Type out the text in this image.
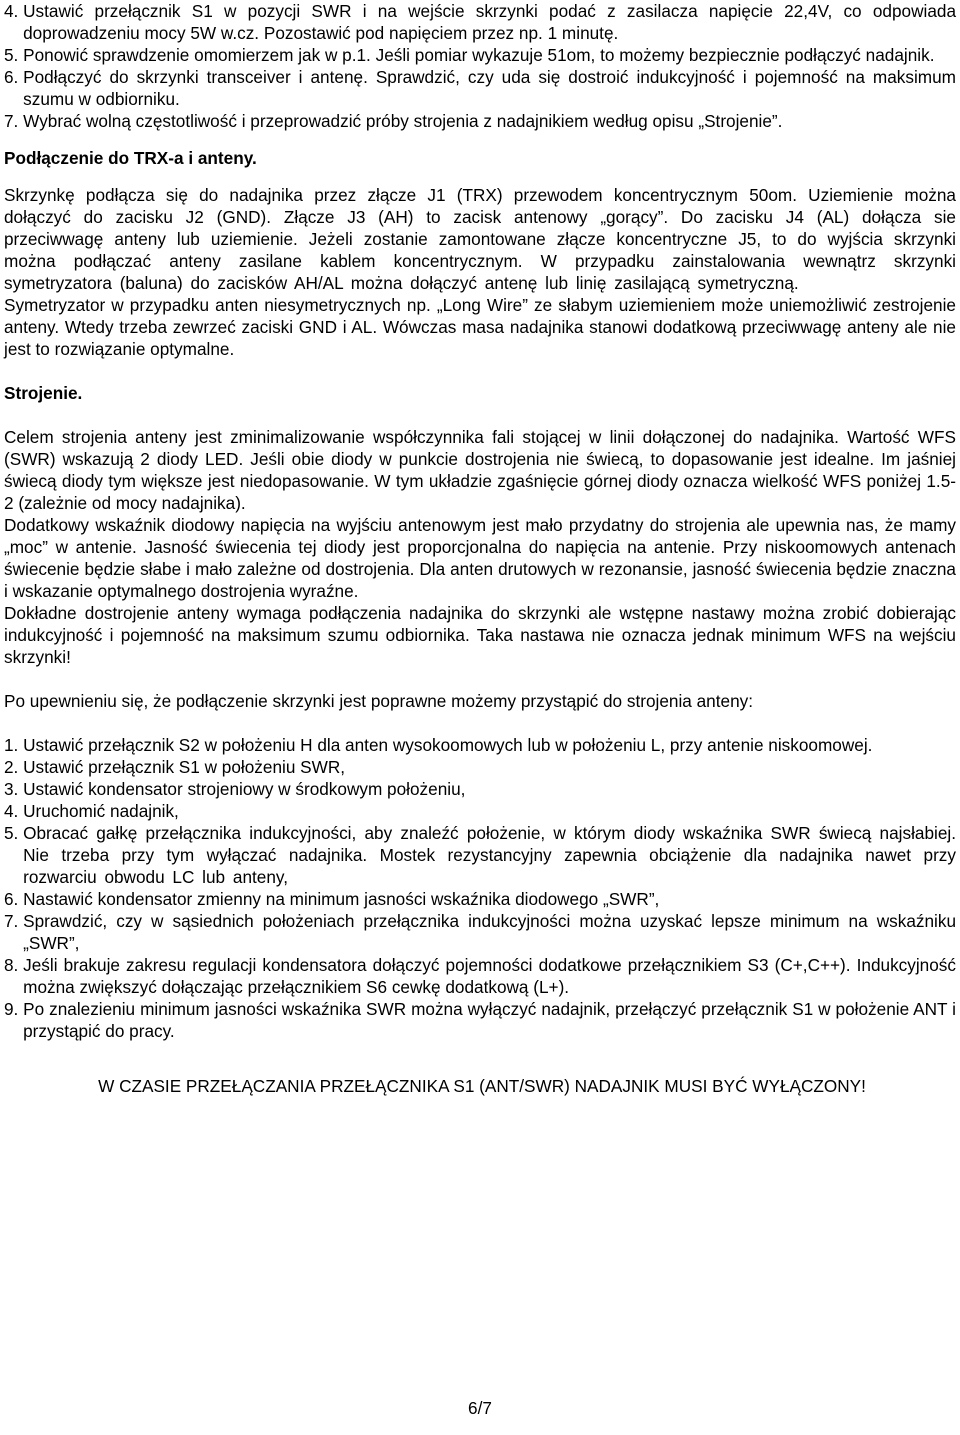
4.
Ustawić przełącznik S1 w pozycji SWR i na wejście skrzynki podać z zasilacza napięcie 22,4V, co odpowiada doprowadzeniu mocy 5W w.cz. Pozostawić pod napięciem przez np. 1 minutę.
5.
Ponowić sprawdzenie omomierzem jak w p.1. Jeśli pomiar wykazuje 51om, to możemy bezpiecznie podłączyć nadajnik.
6.
Podłączyć do skrzynki transceiver i antenę. Sprawdzić, czy uda się dostroić indukcyjność i pojemność na maksimum szumu w odbiorniku.
7.
Wybrać wolną częstotliwość i przeprowadzić próby strojenia z nadajnikiem według opisu „Strojenie”.

Podłączenie do TRX-a i anteny.

Skrzynkę podłącza się do nadajnika przez złącze J1 (TRX) przewodem koncentrycznym 50om. Uziemienie można dołączyć do zacisku J2 (GND). Złącze J3 (AH) to zacisk antenowy „gorący”. Do zacisku J4 (AL) dołącza sie przeciwwagę anteny lub uziemienie. Jeżeli zostanie zamontowane złącze koncentryczne J5, to do wyjścia skrzynki można podłączać anteny zasilane kablem koncentrycznym. W przypadku zainstalowania wewnątrz skrzynki symetryzatora (baluna) do zacisków AH/AL można dołączyć antenę lub linię zasilającą symetryczną.

Symetryzator w przypadku anten niesymetrycznych np. „Long Wire” ze słabym uziemieniem może uniemożliwić zestrojenie anteny. Wtedy trzeba zewrzeć zaciski GND i AL. Wówczas masa nadajnika stanowi dodatkową przeciwwagę anteny ale nie jest to rozwiązanie optymalne.

Strojenie.

Celem strojenia anteny jest zminimalizowanie współczynnika fali stojącej w linii dołączonej do nadajnika. Wartość WFS (SWR) wskazują 2 diody LED. Jeśli obie diody w punkcie dostrojenia nie świecą, to dopasowanie jest idealne. Im jaśniej świecą diody tym większe jest niedopasowanie. W tym układzie zgaśnięcie górnej diody oznacza wielkość WFS poniżej 1.5-2 (zależnie od mocy nadajnika).

Dodatkowy wskaźnik diodowy napięcia na wyjściu antenowym jest mało przydatny do strojenia ale upewnia nas, że mamy „moc” w antenie. Jasność świecenia tej diody jest proporcjonalna do napięcia na antenie. Przy niskoomowych antenach świecenie będzie słabe i mało zależne od dostrojenia. Dla anten drutowych w rezonansie, jasność świecenia będzie znaczna i wskazanie optymalnego dostrojenia wyraźne.

Dokładne dostrojenie anteny wymaga podłączenia nadajnika do skrzynki ale wstępne nastawy można zrobić dobierając indukcyjność i pojemność na maksimum szumu odbiornika. Taka nastawa nie oznacza jednak minimum WFS na wejściu skrzynki!

Po upewnieniu się, że podłączenie skrzynki jest poprawne możemy przystąpić do strojenia anteny:

1.
Ustawić przełącznik S2 w położeniu H dla anten wysokoomowych lub w położeniu L, przy antenie niskoomowej.
2.
Ustawić przełącznik S1 w położeniu SWR,
3.
Ustawić kondensator strojeniowy w środkowym położeniu,
4.
Uruchomić nadajnik,
5.
Obracać gałkę przełącznika indukcyjności, aby znaleźć położenie, w którym diody wskaźnika SWR świecą najsłabiej. Nie trzeba przy tym wyłączać nadajnika. Mostek rezystancyjny zapewnia obciążenie dla nadajnika nawet przy rozwarciu obwodu LC lub anteny,
6.
Nastawić kondensator zmienny na minimum jasności wskaźnika diodowego „SWR”,
7.
Sprawdzić, czy w sąsiednich położeniach przełącznika indukcyjności można uzyskać lepsze minimum na wskaźniku „SWR”,
8.
Jeśli brakuje zakresu regulacji kondensatora dołączyć pojemności dodatkowe przełącznikiem S3 (C+,C++). Indukcyjność można zwiększyć dołączając przełącznikiem S6 cewkę dodatkową (L+).
9.
Po znalezieniu minimum jasności wskaźnika SWR można wyłączyć nadajnik, przełączyć przełącznik S1 w położenie ANT i przystąpić do pracy.

W CZASIE PRZEŁĄCZANIA PRZEŁĄCZNIKA S1 (ANT/SWR) NADAJNIK MUSI BYĆ WYŁĄCZONY!

6/7
